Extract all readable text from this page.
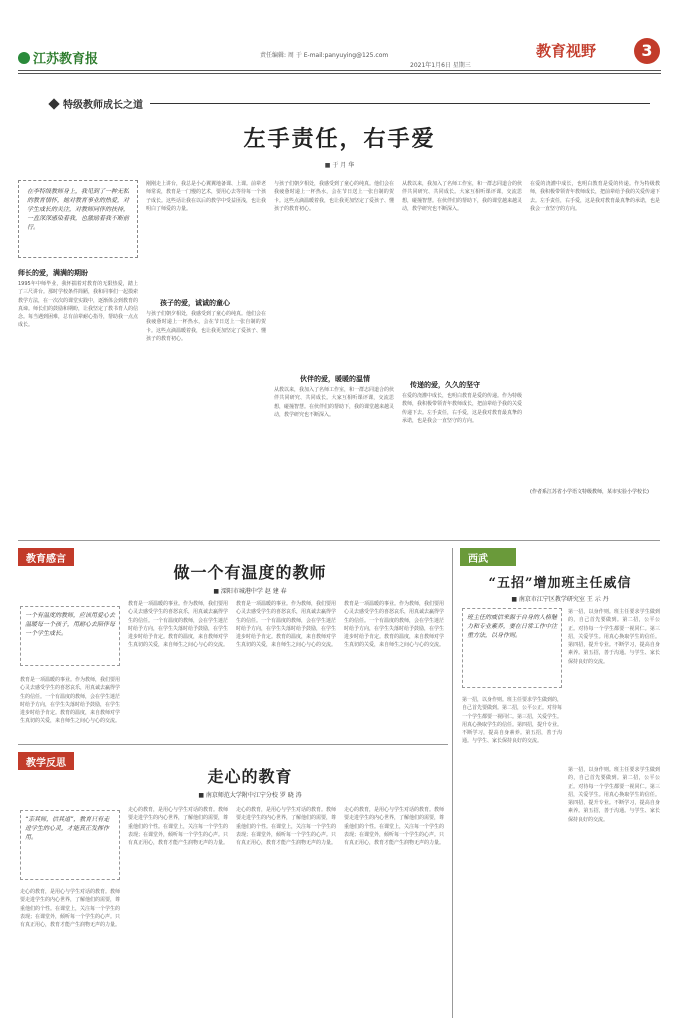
江苏教育报	责任编辑: 周 于 E-mail:panyuying@125.com
2021年1月6日 星期三
教育视野	3
特级教师成长之道
左手责任，右手爱
■ 于 月 华
在李特级教师身上，我见到了一种无私的教育情怀，她对教育事业的热爱，对学生成长的关注，对教师同伴的扶持，一直深深感染着我，也激励着我不断前行。
师长的爱，满满的期盼
1995年中师毕业，我怀揣着对教育的无限热爱，踏上了三尺讲台。那时学校条件简陋，我和同事们一起摸索教学方法，在一次次的课堂实践中，逐渐体会到教育的真谛。师长们的鼓励和期盼，让我坚定了教书育人的信念。每当遇到困难，总有前辈耐心指导，帮助我一点点成长。
刚刚走上讲台，我总是小心翼翼地备课、上课。前辈老师常说，教育是一门慢的艺术，要用心去等待每一个孩子成长。这些话让我在以后的教学中受益匪浅，也让我明白了师爱的力量。
孩子的爱，诚诚的童心
与孩子们朝夕相处，我感受到了童心的纯真。他们会在我疲惫时递上一杯热水，会在节日送上一张自制的贺卡。这些点滴温暖着我，也让我更加坚定了爱孩子、懂孩子的教育初心。
与孩子们朝夕相处，我感受到了童心的纯真。他们会在我疲惫时递上一杯热水，会在节日送上一张自制的贺卡。这些点滴温暖着我，也让我更加坚定了爱孩子、懂孩子的教育初心。
伙伴的爱，暖暖的温情
从教以来，我加入了名师工作室，和一群志同道合的伙伴共同研究、共同成长。大家互相听课评课，交流思想，碰撞智慧。在伙伴们的帮助下，我的课堂越来越灵动，教学研究也不断深入。
从教以来，我加入了名师工作室，和一群志同道合的伙伴共同研究、共同成长。大家互相听课评课，交流思想，碰撞智慧。在伙伴们的帮助下，我的课堂越来越灵动，教学研究也不断深入。
传递的爱，久久的坚守
在爱的浇灌中成长，也明白教育是爱的传递。作为特级教师，我积极带领青年教师成长，把前辈给予我的关爱传递下去。左手责任，右手爱，这是我对教育最真挚的承诺，也是我会一直坚守的方向。
在爱的浇灌中成长，也明白教育是爱的传递。作为特级教师，我积极带领青年教师成长，把前辈给予我的关爱传递下去。左手责任，右手爱，这是我对教育最真挚的承诺，也是我会一直坚守的方向。
(作者系江苏省小学语文特级教师，某市实验小学校长)
教育感言
做一个有温度的教师
■ 溧阳市城港中学 赵 建 春
一个有温度的教师，应该用爱心去温暖每一个孩子，用耐心去陪伴每一个学生成长。
教育是一项温暖的事业。作为教师，我们要用心灵去感受学生的喜怒哀乐，用真诚去赢得学生的信任。一个有温度的教师，会在学生迷茫时给予方向，在学生失落时给予鼓励，在学生进步时给予肯定。教育的温度，来自教师对学生真切的关爱，来自师生之间心与心的交流。
教育是一项温暖的事业。作为教师，我们要用心灵去感受学生的喜怒哀乐，用真诚去赢得学生的信任。一个有温度的教师，会在学生迷茫时给予方向，在学生失落时给予鼓励，在学生进步时给予肯定。教育的温度，来自教师对学生真切的关爱，来自师生之间心与心的交流。
教育是一项温暖的事业。作为教师，我们要用心灵去感受学生的喜怒哀乐，用真诚去赢得学生的信任。一个有温度的教师，会在学生迷茫时给予方向，在学生失落时给予鼓励，在学生进步时给予肯定。教育的温度，来自教师对学生真切的关爱，来自师生之间心与心的交流。
教育是一项温暖的事业。作为教师，我们要用心灵去感受学生的喜怒哀乐，用真诚去赢得学生的信任。一个有温度的教师，会在学生迷茫时给予方向，在学生失落时给予鼓励，在学生进步时给予肯定。教育的温度，来自教师对学生真切的关爱，来自师生之间心与心的交流。
西武
“五招”增加班主任威信
■ 南京市江宁区教学研究室 王 示 丹
班主任的威信来源于自身的人格魅力和专业素养，要在日常工作中注重方法，以身作则。
第一招，以身作则。班主任要求学生做到的，自己首先要做到。第二招，公平公正。对待每一个学生都要一视同仁。第三招，关爱学生。用真心换取学生的信任。第四招，提升专业。不断学习，提高自身素养。第五招，善于沟通。与学生、家长保持良好的交流。
第一招，以身作则。班主任要求学生做到的，自己首先要做到。第二招，公平公正。对待每一个学生都要一视同仁。第三招，关爱学生。用真心换取学生的信任。第四招，提升专业。不断学习，提高自身素养。第五招，善于沟通。与学生、家长保持良好的交流。
第一招，以身作则。班主任要求学生做到的，自己首先要做到。第二招，公平公正。对待每一个学生都要一视同仁。第三招，关爱学生。用真心换取学生的信任。第四招，提升专业。不断学习，提高自身素养。第五招，善于沟通。与学生、家长保持良好的交流。
教学反思
走心的教育
■ 南京师范大学附中江宁分校 罗 晓 涛
“亲其师，信其道”，教育只有走进学生的心灵，才能真正发挥作用。
走心的教育，是用心与学生对话的教育。教师要走进学生的内心世界，了解他们的需要，尊重他们的个性。在课堂上，关注每一个学生的表现；在课堂外，倾听每一个学生的心声。只有真正用心，教育才能产生润物无声的力量。
走心的教育，是用心与学生对话的教育。教师要走进学生的内心世界，了解他们的需要，尊重他们的个性。在课堂上，关注每一个学生的表现；在课堂外，倾听每一个学生的心声。只有真正用心，教育才能产生润物无声的力量。
走心的教育，是用心与学生对话的教育。教师要走进学生的内心世界，了解他们的需要，尊重他们的个性。在课堂上，关注每一个学生的表现；在课堂外，倾听每一个学生的心声。只有真正用心，教育才能产生润物无声的力量。
走心的教育，是用心与学生对话的教育。教师要走进学生的内心世界，了解他们的需要，尊重他们的个性。在课堂上，关注每一个学生的表现；在课堂外，倾听每一个学生的心声。只有真正用心，教育才能产生润物无声的力量。
